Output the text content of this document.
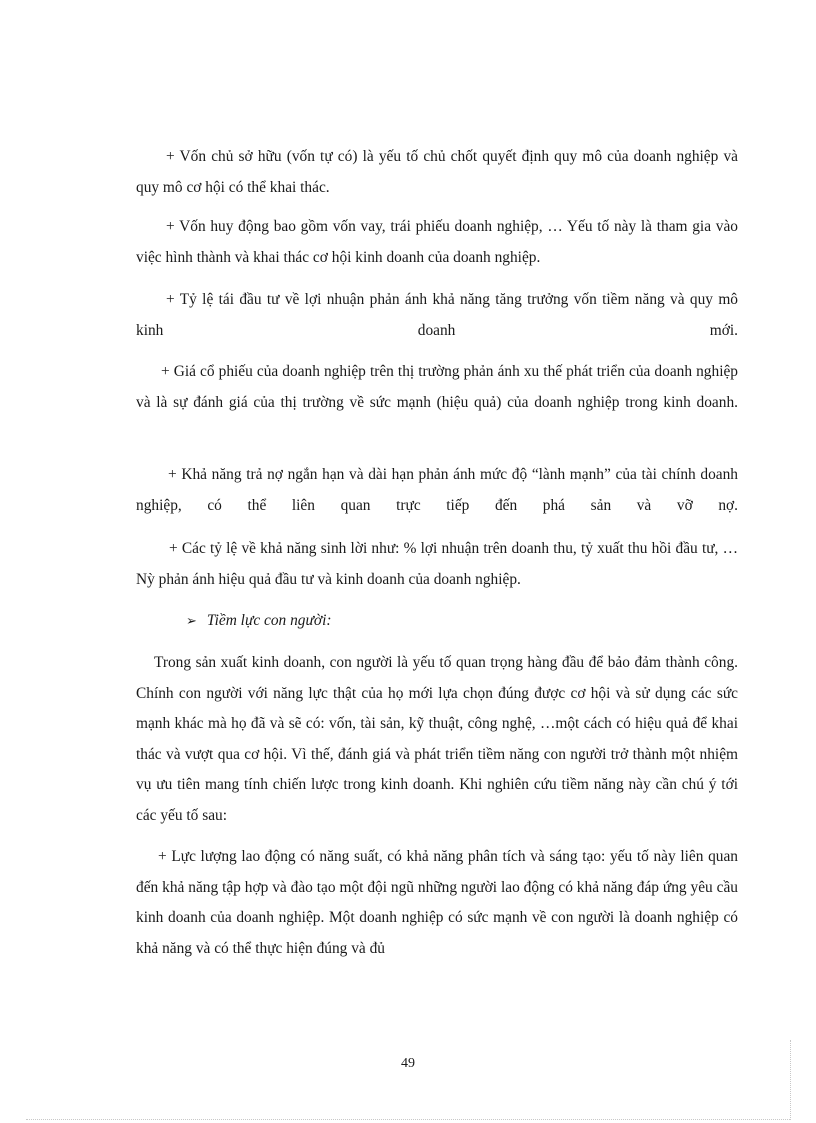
+ Vốn chủ sở hữu (vốn tự có) là yếu tố chủ chốt quyết định quy mô của doanh nghiệp và quy mô cơ hội có thể khai thác.

+ Vốn huy động bao gồm vốn vay, trái phiếu doanh nghiệp, … Yếu tố này là tham gia vào việc hình thành và khai thác cơ hội kinh doanh của doanh nghiệp.

+ Tỷ lệ tái đầu tư về lợi nhuận phản ánh khả năng tăng trưởng vốn tiềm năng và quy mô kinh doanh mới.

+ Giá cổ phiếu của doanh nghiệp trên thị trường phản ánh xu thế phát triển của doanh nghiệp và là sự đánh giá của thị trường về sức mạnh (hiệu quả) của doanh nghiệp trong kinh doanh.

+ Khả năng trả nợ ngắn hạn và dài hạn phản ánh mức độ “lành mạnh” của tài chính doanh nghiệp, có thể liên quan trực tiếp đến phá sản và vỡ nợ.

+ Các tỷ lệ về khả năng sinh lời như: % lợi nhuận trên doanh thu, tỷ xuất thu hồi đầu tư, … Nỳ phản ánh hiệu quả đầu tư và kinh doanh của doanh nghiệp.

➢ Tiềm lực con người:

Trong sản xuất kinh doanh, con người là yếu tố quan trọng hàng đầu để bảo đảm thành công. Chính con người với năng lực thật của họ mới lựa chọn đúng được cơ hội và sử dụng các sức mạnh khác mà họ đã và sẽ có: vốn, tài sản, kỹ thuật, công nghệ, …một cách có hiệu quả để khai thác và vượt qua cơ hội. Vì thế, đánh giá và phát triển tiềm năng con người trở thành một nhiệm vụ ưu tiên mang tính chiến lược trong kinh doanh. Khi nghiên cứu tiềm năng này cần chú ý tới các yếu tố sau:

+ Lực lượng lao động có năng suất, có khả năng phân tích và sáng tạo: yếu tố này liên quan đến khả năng tập hợp và đào tạo một đội ngũ những người lao động có khả năng đáp ứng yêu cầu kinh doanh của doanh nghiệp. Một doanh nghiệp có sức mạnh về con người là doanh nghiệp có khả năng và có thể thực hiện đúng và đủ

49
